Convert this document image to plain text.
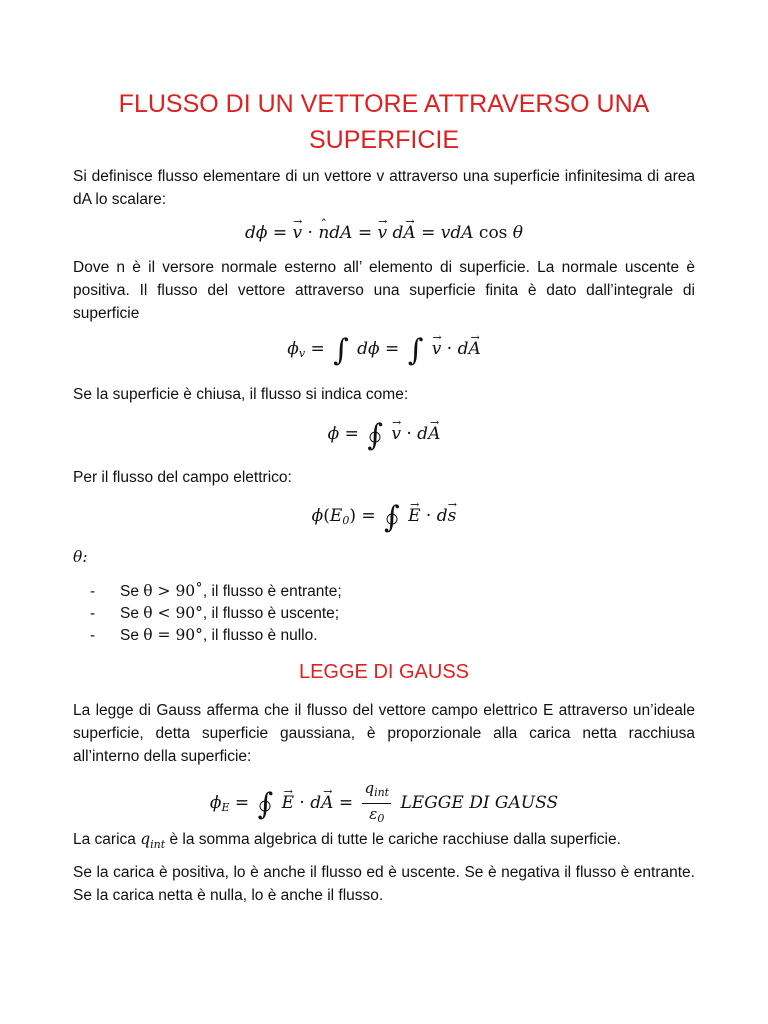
FLUSSO DI UN VETTORE ATTRAVERSO UNA
SUPERFICIE
Si definisce flusso elementare di un vettore v attraverso una superficie infinitesima di area dA lo scalare:
dϕ = → v · ˆ ndA = → v d→ A = vdA cos θ
Dove n è il versore normale esterno all’ elemento di superficie. La normale uscente è positiva. Il flusso del vettore attraverso una superficie finita è dato dall’integrale di superficie
$\phi_v$ = ∫ dϕ = ∫ → v · d→ A
Se la superficie è chiusa, il flusso si indica come:
ϕ = ∫ → v · d→ A
Per il flusso del campo elettrico:
$\phi(E_0)$ = ∫ → E · d→ s
θ:
- Se θ > 90˚, il flusso è entrante;
- Se θ < 90°, il flusso è uscente;
- Se θ = 90°, il flusso è nullo.
LEGGE DI GAUSS
La legge di Gauss afferma che il flusso del vettore campo elettrico E attraverso un’ideale superficie, detta superficie gaussiana, è proporzionale alla carica netta racchiusa all’interno della superficie:
$\phi_E$ = ∫ → $E \cdot d\to A = \frac{q_{int}}{\varepsilon_0}$ LEGGE DI GAUSS
La carica $q_{int}$ è la somma algebrica di tutte le cariche racchiuse dalla superficie.
Se la carica è positiva, lo è anche il flusso ed è uscente. Se è negativa il flusso è entrante. Se la carica netta è nulla, lo è anche il flusso.
